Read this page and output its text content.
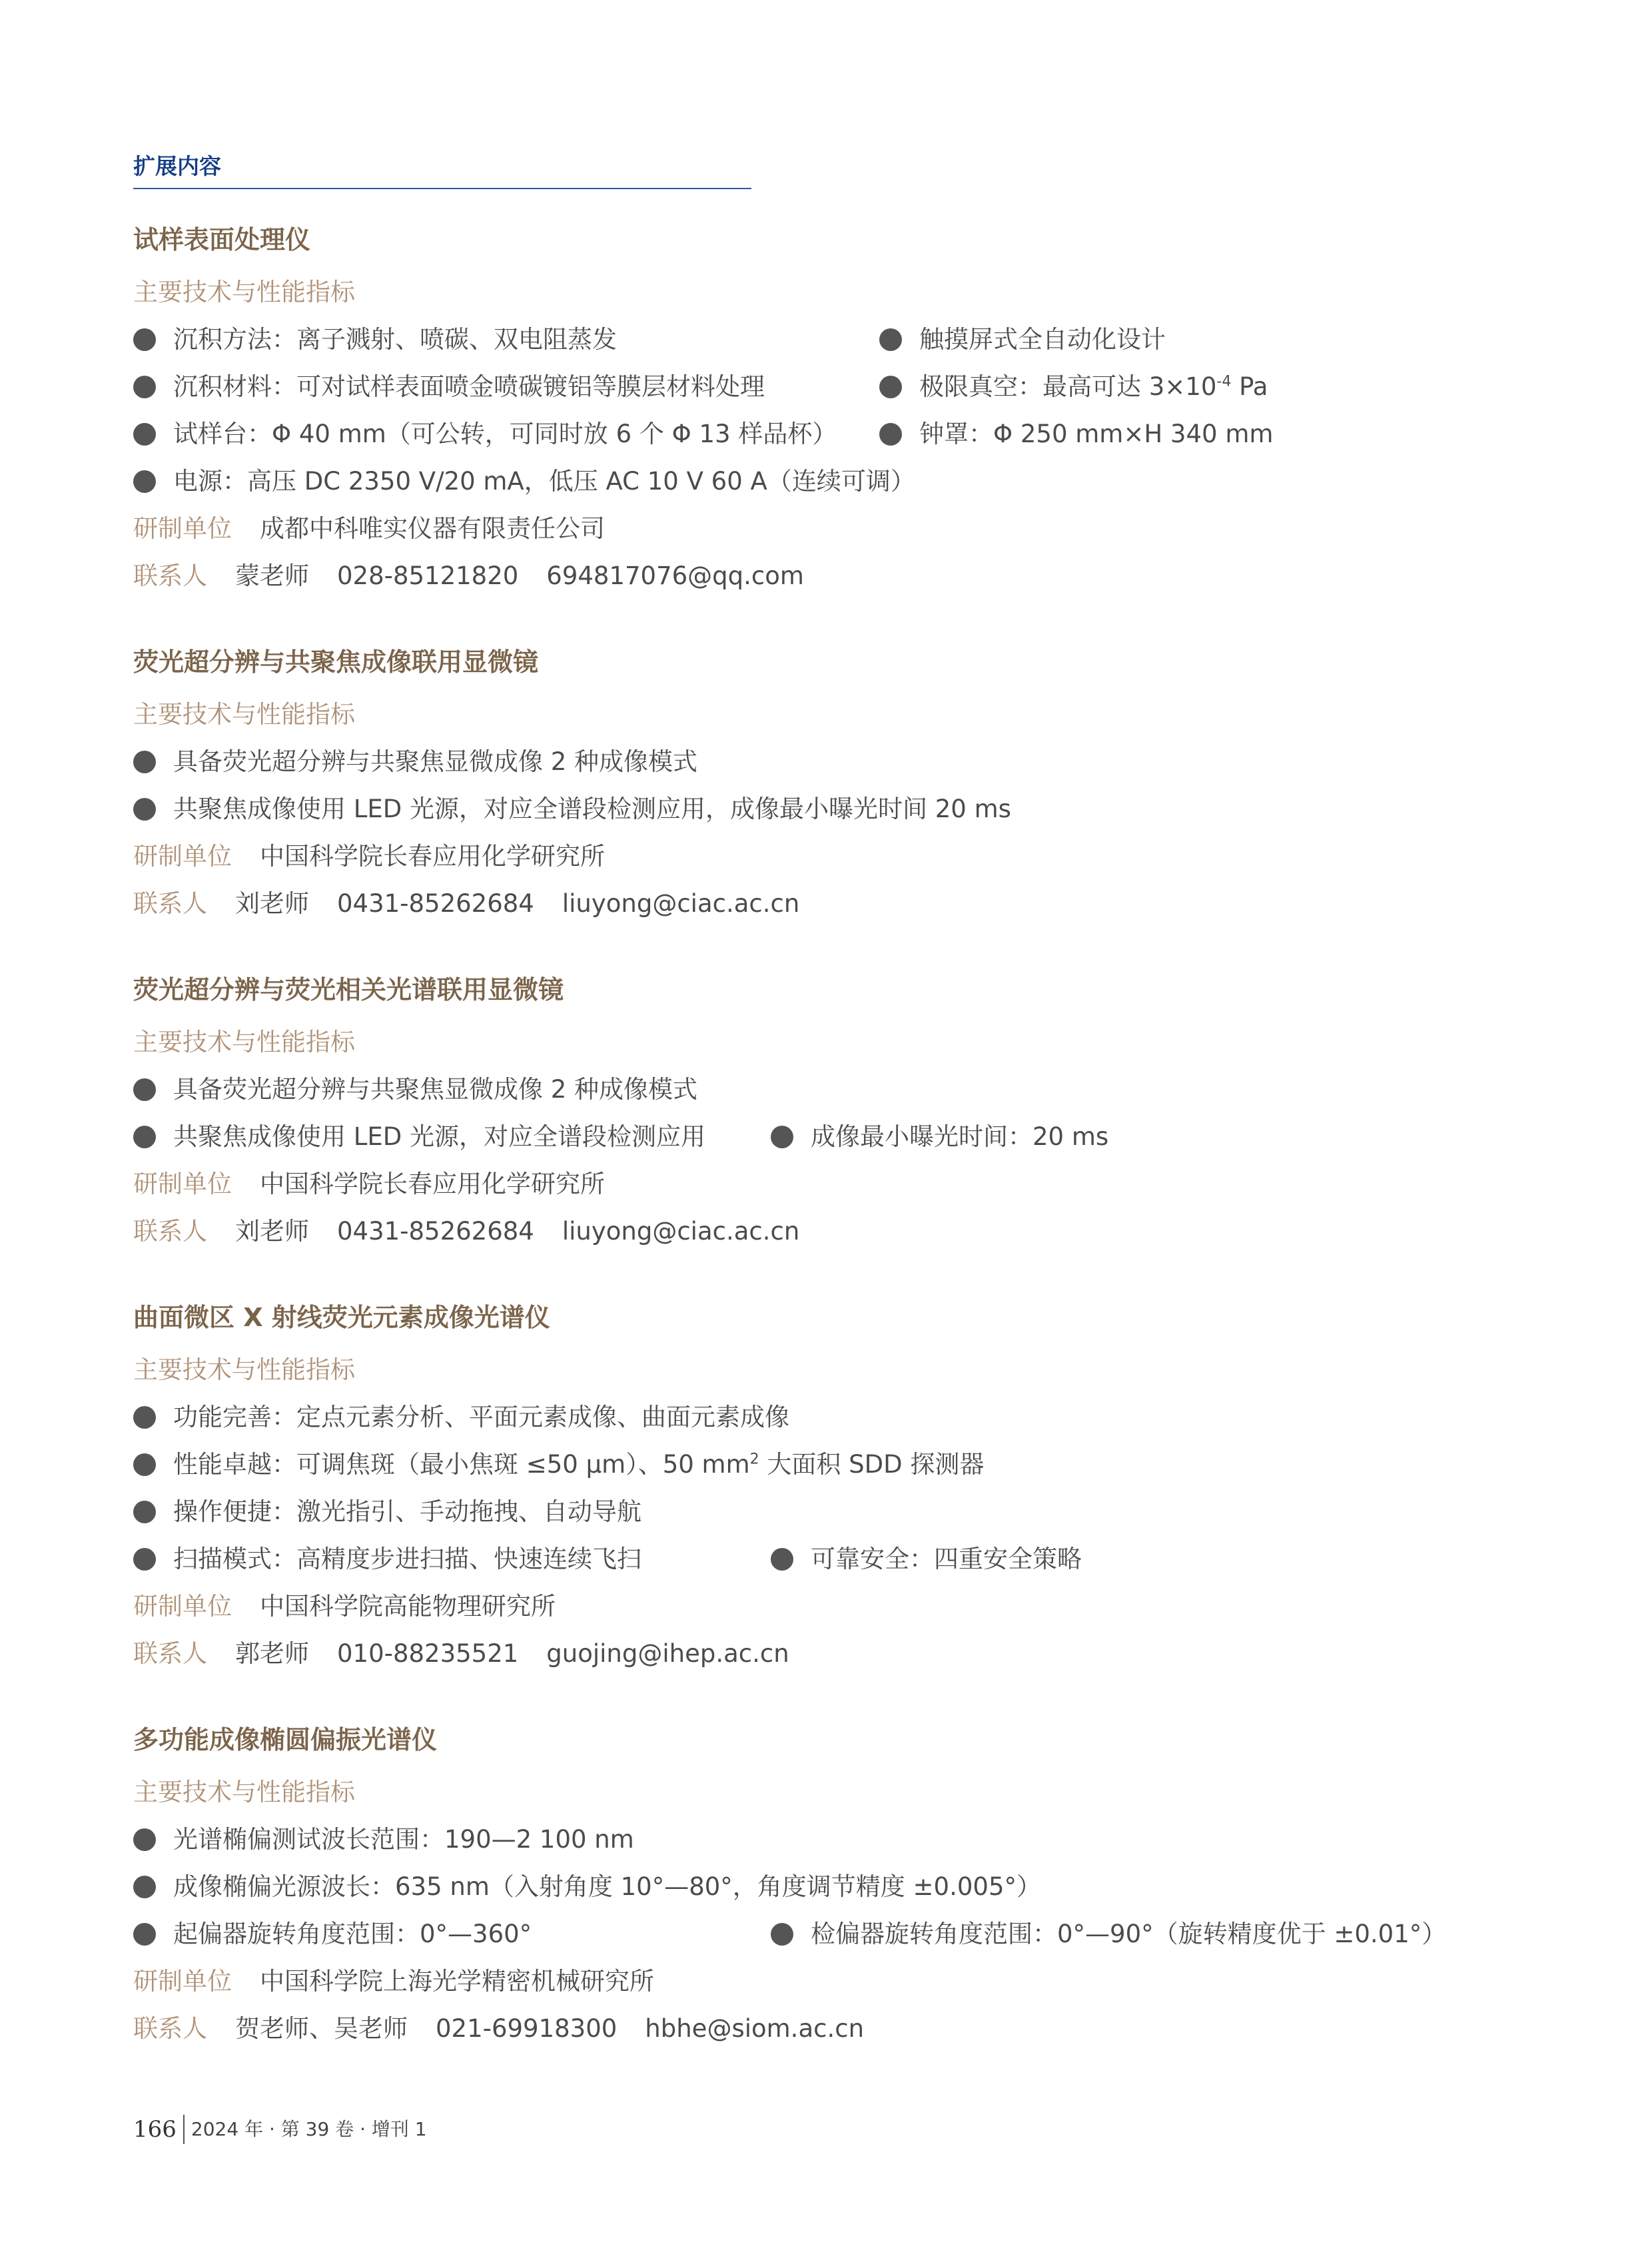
扩展内容
试样表面处理仪
主要技术与性能指标
沉积方法：离子溅射、喷碳、双电阻蒸发	触摸屏式全自动化设计
沉积材料：可对试样表面喷金喷碳镀铝等膜层材料处理	极限真空：最高可达 $3\times 10^{-4}$ Pa
试样台：Φ 40 mm（可公转，可同时放 6 个 Φ 13 样品杯）	钟罩：Φ 250 mm×H 340 mm
电源：高压 DC 2350 V/20 mA，低压 AC 10 V 60 A（连续可调）
研制单位 成都中科唯实仪器有限责任公司
联系人 蒙老师 028-85121820 694817076@qq.com
荧光超分辨与共聚焦成像联用显微镜
主要技术与性能指标
具备荧光超分辨与共聚焦显微成像 2 种成像模式
共聚焦成像使用 LED 光源，对应全谱段检测应用，成像最小曝光时间 20 ms
研制单位 中国科学院长春应用化学研究所
联系人 刘老师 0431-85262684 liuyong@ciac.ac.cn
荧光超分辨与荧光相关光谱联用显微镜
主要技术与性能指标
具备荧光超分辨与共聚焦显微成像 2 种成像模式
共聚焦成像使用 LED 光源，对应全谱段检测应用	成像最小曝光时间：20 ms
研制单位 中国科学院长春应用化学研究所
联系人 刘老师 0431-85262684 liuyong@ciac.ac.cn
曲面微区 X 射线荧光元素成像光谱仪
主要技术与性能指标
功能完善：定点元素分析、平面元素成像、曲面元素成像
性能卓越：可调焦斑（最小焦斑 ≤50 μm）、50 $mm^2$ 大面积 SDD 探测器
操作便捷：激光指引、手动拖拽、自动导航
扫描模式：高精度步进扫描、快速连续飞扫	可靠安全：四重安全策略
研制单位 中国科学院高能物理研究所
联系人 郭老师 010-88235521 guojing@ihep.ac.cn
多功能成像椭圆偏振光谱仪
主要技术与性能指标
光谱椭偏测试波长范围：190—2 100 nm
成像椭偏光源波长：635 nm（入射角度 10°—80°，角度调节精度 ±0.005°）
起偏器旋转角度范围：0°—360°	检偏器旋转角度范围：0°—90°（旋转精度优于 ±0.01°）
研制单位 中国科学院上海光学精密机械研究所
联系人 贺老师、吴老师 021-69918300 hbhe@siom.ac.cn
166 2024 年 · 第 39 卷 · 增刊 1
